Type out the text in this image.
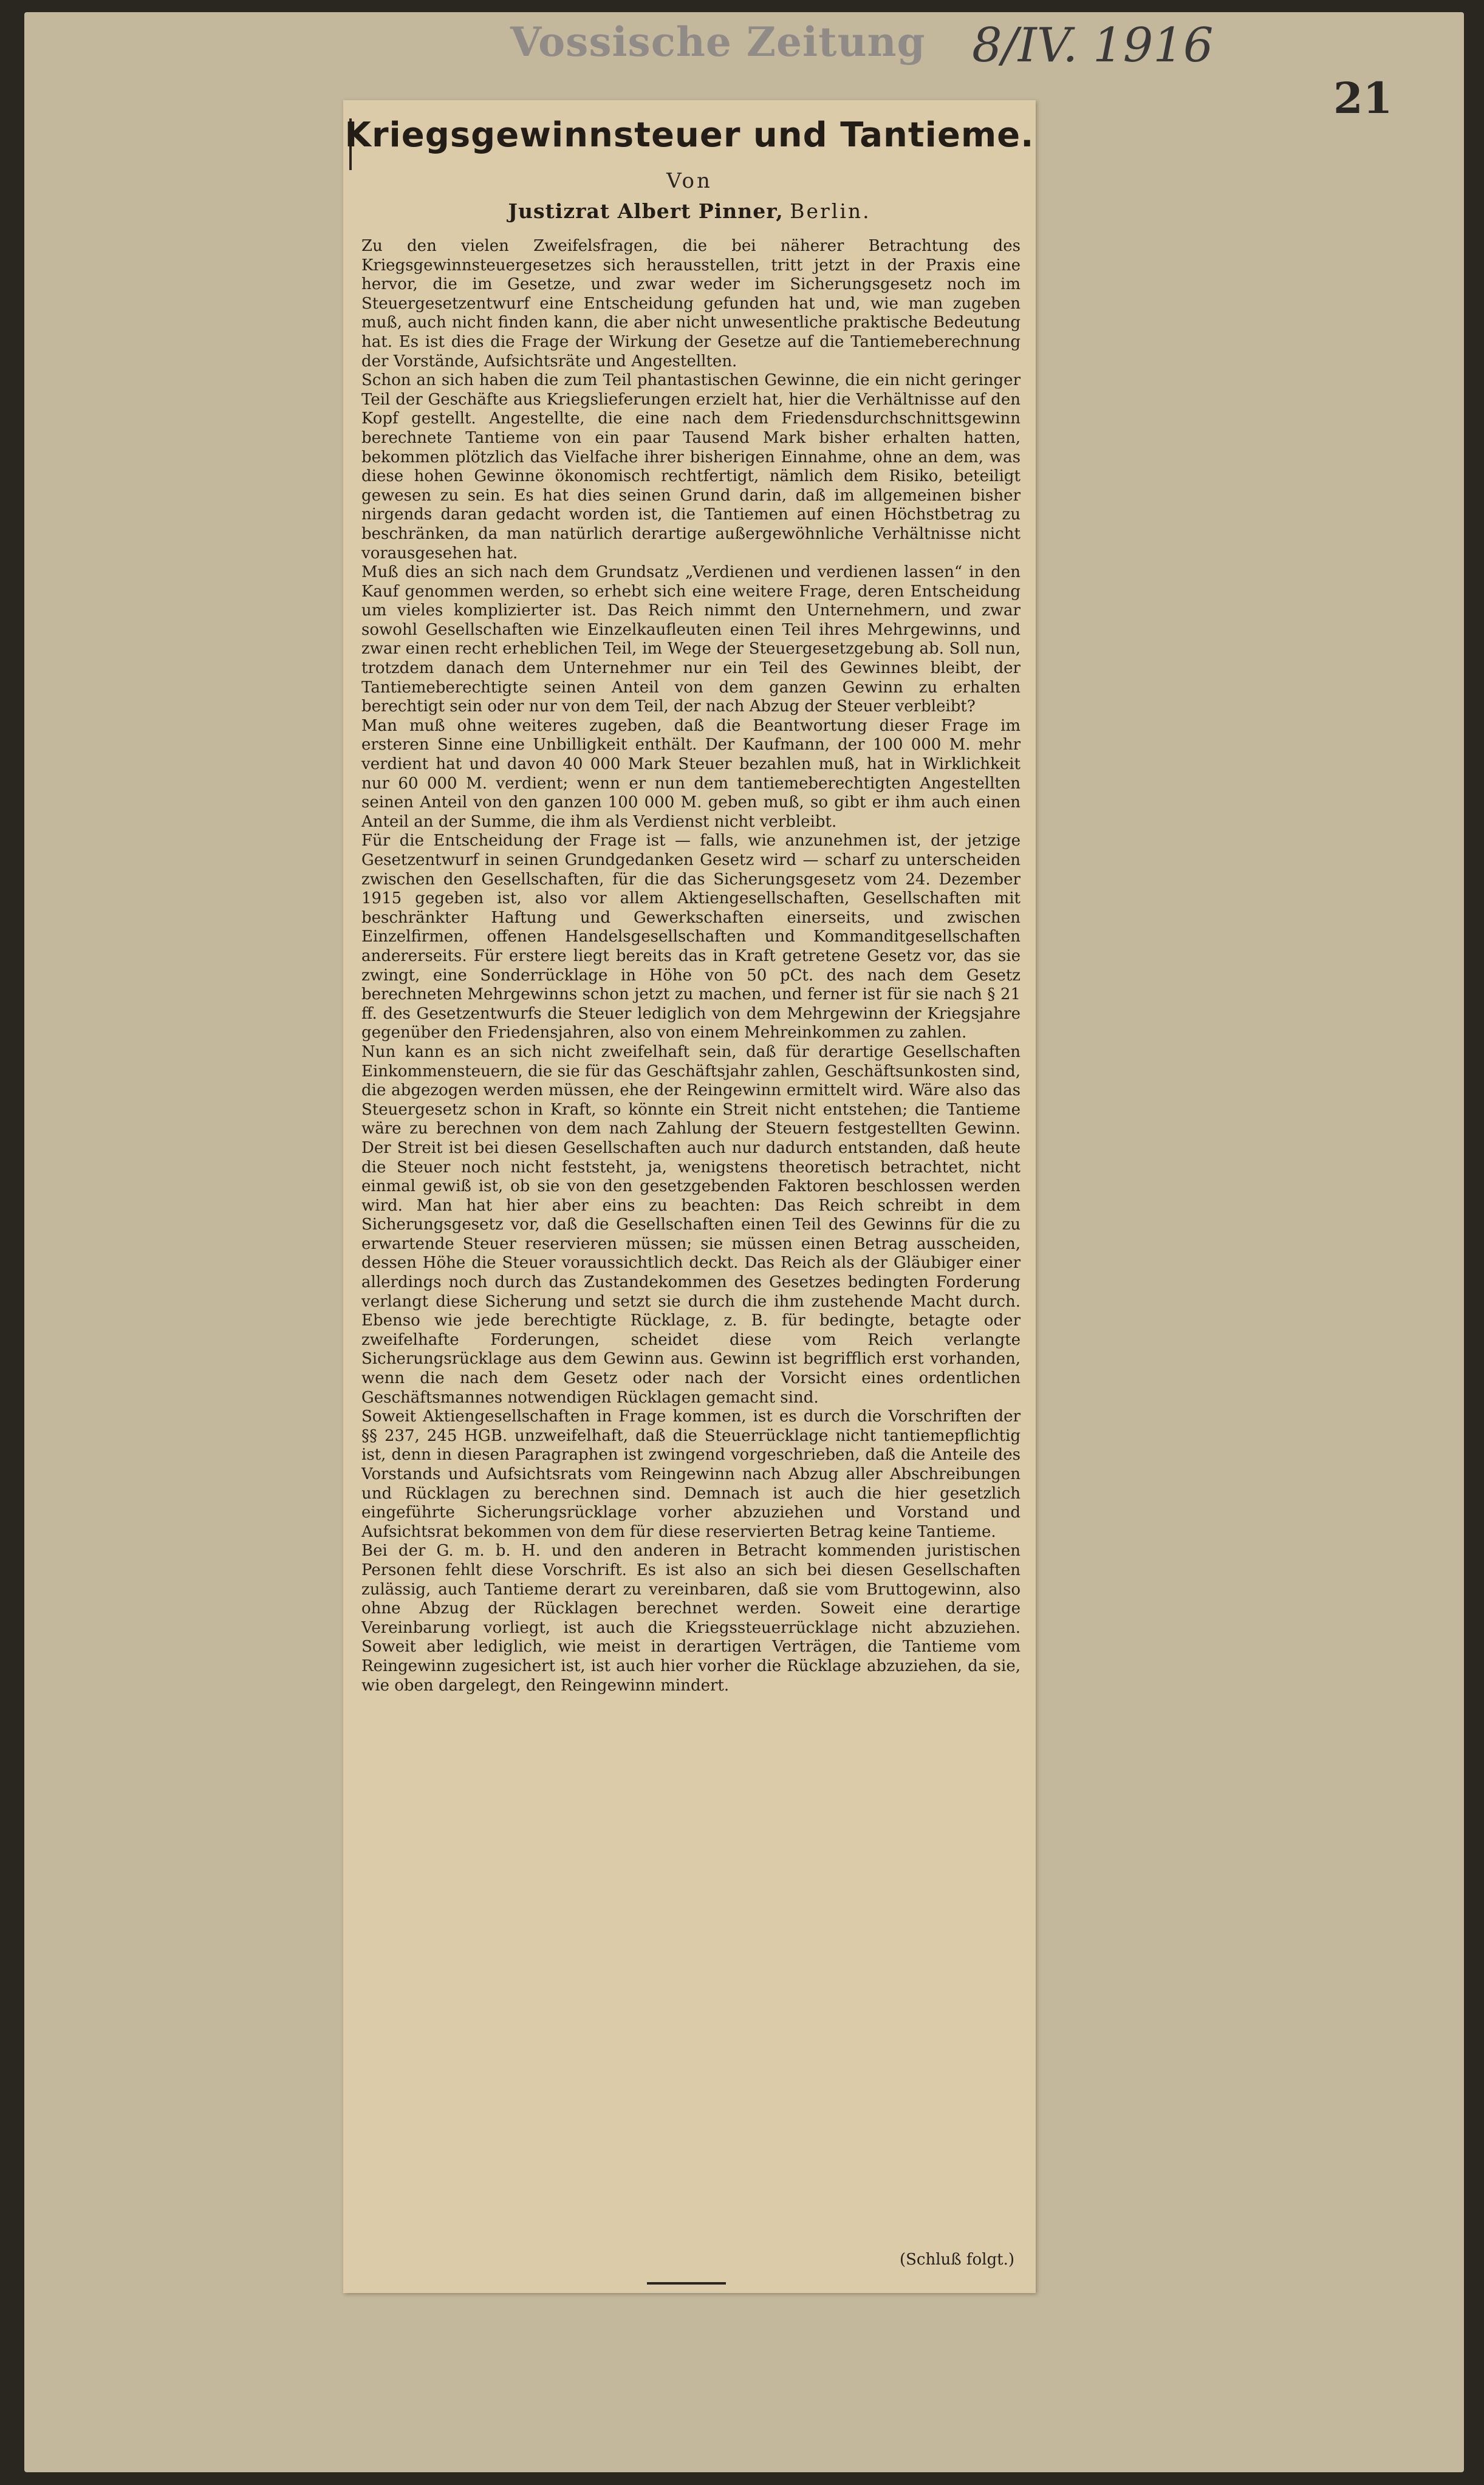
Vossische Zeitung 8/IV. 1916
21
Kriegsgewinnsteuer und Tantieme.
Von
Justizrat Albert Pinner, Berlin.

Zu den vielen Zweifelsfragen, die bei näherer Betrachtung des Kriegsgewinnsteuergesetzes sich herausstellen, tritt jetzt in der Praxis eine hervor, die im Gesetze, und zwar weder im Sicherungsgesetz noch im Steuergesetzentwurf eine Entscheidung gefunden hat und, wie man zugeben muß, auch nicht finden kann, die aber nicht unwesentliche praktische Bedeutung hat. Es ist dies die Frage der Wirkung der Gesetze auf die Tantiemeberechnung der Vorstände, Aufsichtsräte und Angestellten.

Schon an sich haben die zum Teil phantastischen Gewinne, die ein nicht geringer Teil der Geschäfte aus Kriegslieferungen erzielt hat, hier die Verhältnisse auf den Kopf gestellt. Angestellte, die eine nach dem Friedensdurchschnittsgewinn berechnete Tantieme von ein paar Tausend Mark bisher erhalten hatten, bekommen plötzlich das Vielfache ihrer bisherigen Einnahme, ohne an dem, was diese hohen Gewinne ökonomisch rechtfertigt, nämlich dem Risiko, beteiligt gewesen zu sein. Es hat dies seinen Grund darin, daß im allgemeinen bisher nirgends daran gedacht worden ist, die Tantiemen auf einen Höchstbetrag zu beschränken, da man natürlich derartige außergewöhnliche Verhältnisse nicht vorausgesehen hat.

Muß dies an sich nach dem Grundsatz „Verdienen und verdienen lassen“ in den Kauf genommen werden, so erhebt sich eine weitere Frage, deren Entscheidung um vieles komplizierter ist. Das Reich nimmt den Unternehmern, und zwar sowohl Gesellschaften wie Einzelkaufleuten einen Teil ihres Mehrgewinns, und zwar einen recht erheblichen Teil, im Wege der Steuergesetzgebung ab. Soll nun, trotzdem danach dem Unternehmer nur ein Teil des Gewinnes bleibt, der Tantiemeberechtigte seinen Anteil von dem ganzen Gewinn zu erhalten berechtigt sein oder nur von dem Teil, der nach Abzug der Steuer verbleibt?

Man muß ohne weiteres zugeben, daß die Beantwortung dieser Frage im ersteren Sinne eine Unbilligkeit enthält. Der Kaufmann, der 100 000 M. mehr verdient hat und davon 40 000 Mark Steuer bezahlen muß, hat in Wirklichkeit nur 60 000 M. verdient; wenn er nun dem tantiemeberechtigten Angestellten seinen Anteil von den ganzen 100 000 M. geben muß, so gibt er ihm auch einen Anteil an der Summe, die ihm als Verdienst nicht verbleibt.

Für die Entscheidung der Frage ist — falls, wie anzunehmen ist, der jetzige Gesetzentwurf in seinen Grundgedanken Gesetz wird — scharf zu unterscheiden zwischen den Gesellschaften, für die das Sicherungsgesetz vom 24. Dezember 1915 gegeben ist, also vor allem Aktiengesellschaften, Gesellschaften mit beschränkter Haftung und Gewerkschaften einerseits, und zwischen Einzelfirmen, offenen Handelsgesellschaften und Kommanditgesellschaften andererseits. Für erstere liegt bereits das in Kraft getretene Gesetz vor, das sie zwingt, eine Sonderrücklage in Höhe von 50 pCt. des nach dem Gesetz berechneten Mehrgewinns schon jetzt zu machen, und ferner ist für sie nach § 21 ff. des Gesetzentwurfs die Steuer lediglich von dem Mehrgewinn der Kriegsjahre gegenüber den Friedensjahren, also von einem Mehreinkommen zu zahlen.

Nun kann es an sich nicht zweifelhaft sein, daß für derartige Gesellschaften Einkommensteuern, die sie für das Geschäftsjahr zahlen, Geschäftsunkosten sind, die abgezogen werden müssen, ehe der Reingewinn ermittelt wird. Wäre also das Steuergesetz schon in Kraft, so könnte ein Streit nicht entstehen; die Tantieme wäre zu berechnen von dem nach Zahlung der Steuern festgestellten Gewinn. Der Streit ist bei diesen Gesellschaften auch nur dadurch entstanden, daß heute die Steuer noch nicht feststeht, ja, wenigstens theoretisch betrachtet, nicht einmal gewiß ist, ob sie von den gesetzgebenden Faktoren beschlossen werden wird. Man hat hier aber eins zu beachten: Das Reich schreibt in dem Sicherungsgesetz vor, daß die Gesellschaften einen Teil des Gewinns für die zu erwartende Steuer reservieren müssen; sie müssen einen Betrag ausscheiden, dessen Höhe die Steuer voraussichtlich deckt. Das Reich als der Gläubiger einer allerdings noch durch das Zustandekommen des Gesetzes bedingten Forderung verlangt diese Sicherung und setzt sie durch die ihm zustehende Macht durch. Ebenso wie jede berechtigte Rücklage, z. B. für bedingte, betagte oder zweifelhafte Forderungen, scheidet diese vom Reich verlangte Sicherungsrücklage aus dem Gewinn aus. Gewinn ist begrifflich erst vorhanden, wenn die nach dem Gesetz oder nach der Vorsicht eines ordentlichen Geschäftsmannes notwendigen Rücklagen gemacht sind.

Soweit Aktiengesellschaften in Frage kommen, ist es durch die Vorschriften der §§ 237, 245 HGB. unzweifelhaft, daß die Steuerrücklage nicht tantiemepflichtig ist, denn in diesen Paragraphen ist zwingend vorgeschrieben, daß die Anteile des Vorstands und Aufsichtsrats vom Reingewinn nach Abzug aller Abschreibungen und Rücklagen zu berechnen sind. Demnach ist auch die hier gesetzlich eingeführte Sicherungsrücklage vorher abzuziehen und Vorstand und Aufsichtsrat bekommen von dem für diese reservierten Betrag keine Tantieme.

Bei der G. m. b. H. und den anderen in Betracht kommenden juristischen Personen fehlt diese Vorschrift. Es ist also an sich bei diesen Gesellschaften zulässig, auch Tantieme derart zu vereinbaren, daß sie vom Bruttogewinn, also ohne Abzug der Rücklagen berechnet werden. Soweit eine derartige Vereinbarung vorliegt, ist auch die Kriegssteuerrücklage nicht abzuziehen. Soweit aber lediglich, wie meist in derartigen Verträgen, die Tantieme vom Reingewinn zugesichert ist, ist auch hier vorher die Rücklage abzuziehen, da sie, wie oben dargelegt, den Reingewinn mindert.

(Schluß folgt.)
